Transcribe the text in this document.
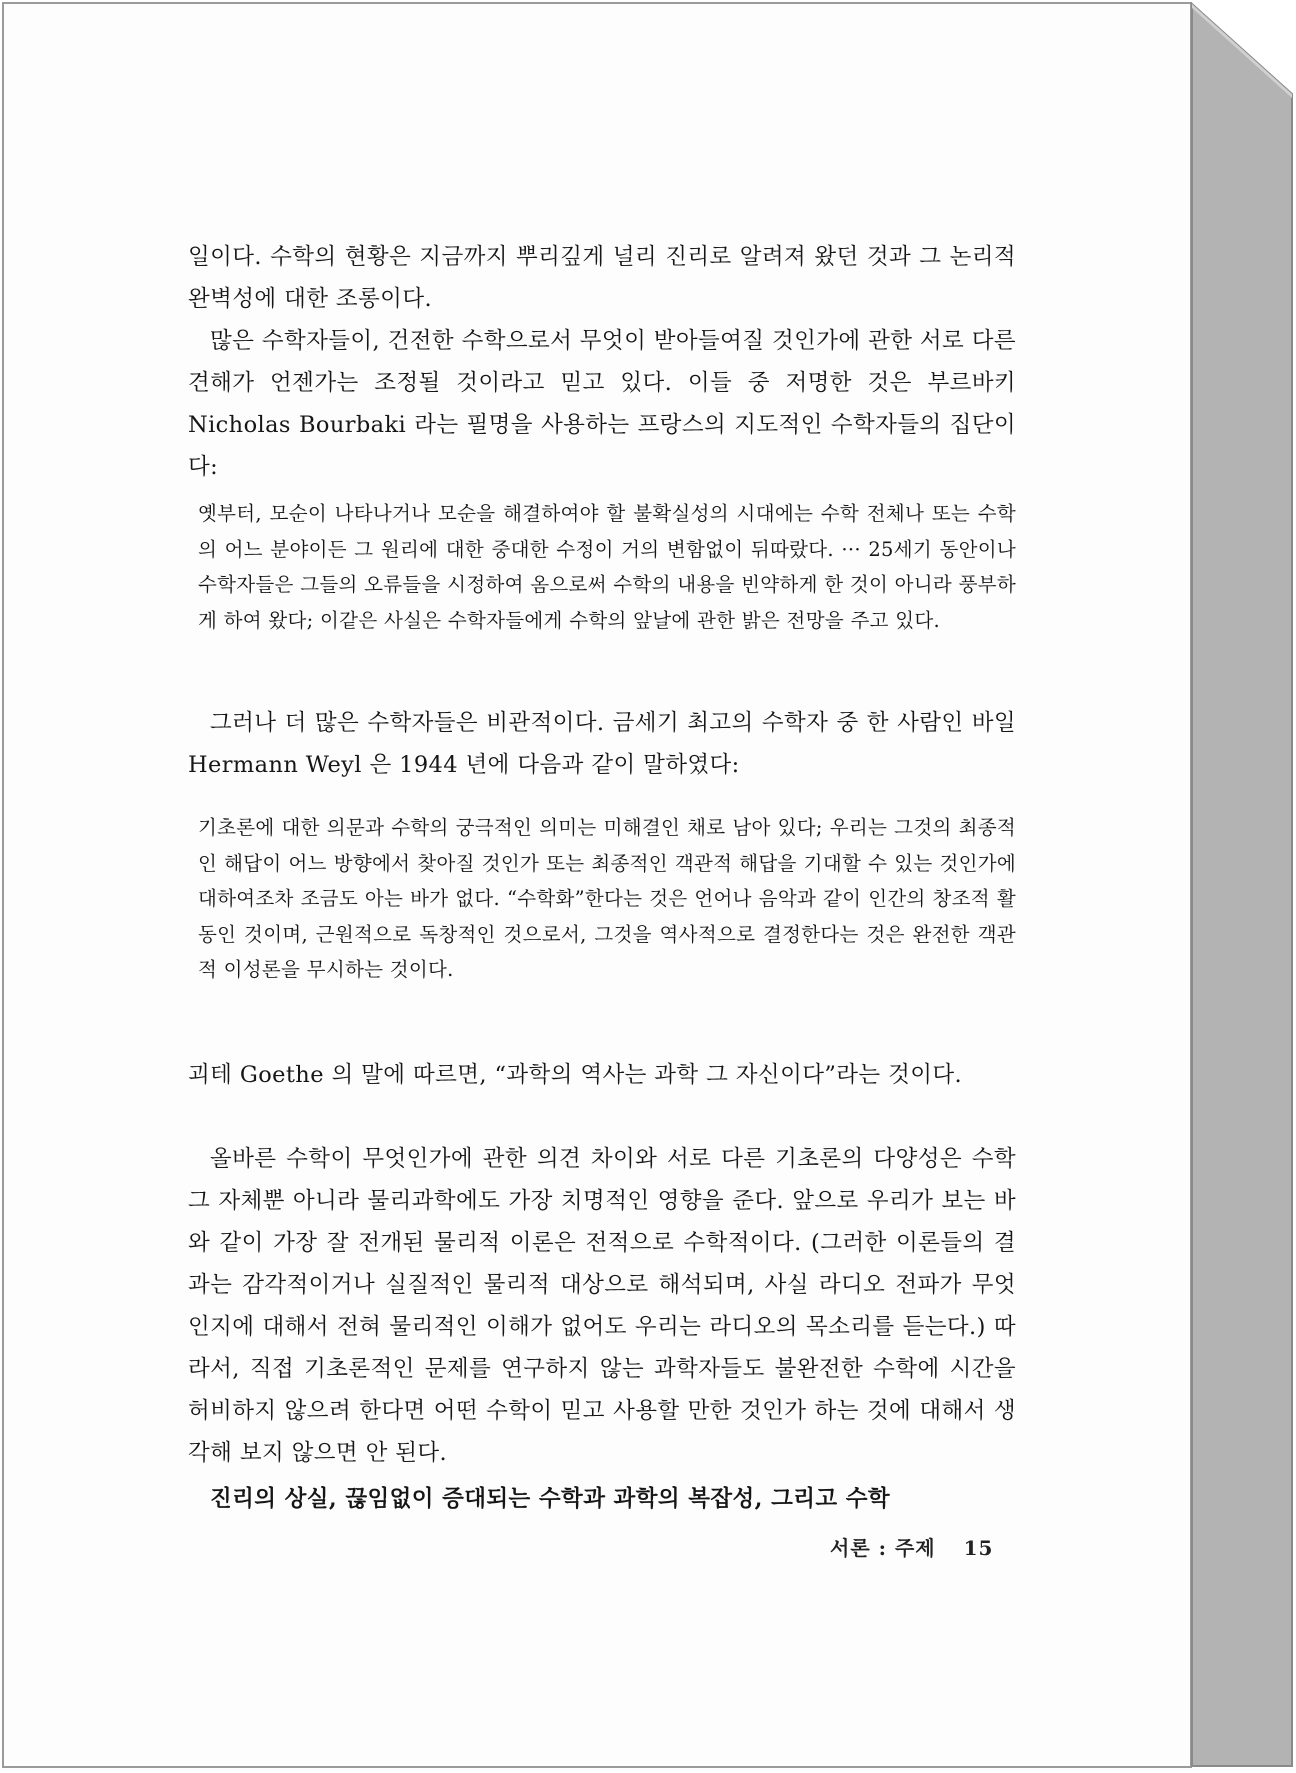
일이다. 수학의 현황은 지금까지 뿌리깊게 널리 진리로 알려져 왔던 것과 그 논리적 완벽성에 대한 조롱이다.

많은 수학자들이, 건전한 수학으로서 무엇이 받아들여질 것인가에 관한 서로 다른 견해가 언젠가는 조정될 것이라고 믿고 있다. 이들 중 저명한 것은 부르바키 Nicholas Bourbaki 라는 필명을 사용하는 프랑스의 지도적인 수학자들의 집단이다:

옛부터, 모순이 나타나거나 모순을 해결하여야 할 불확실성의 시대에는 수학 전체나 또는 수학의 어느 분야이든 그 원리에 대한 중대한 수정이 거의 변함없이 뒤따랐다. ··· 25세기 동안이나 수학자들은 그들의 오류들을 시정하여 옴으로써 수학의 내용을 빈약하게 한 것이 아니라 풍부하게 하여 왔다; 이같은 사실은 수학자들에게 수학의 앞날에 관한 밝은 전망을 주고 있다.

그러나 더 많은 수학자들은 비관적이다. 금세기 최고의 수학자 중 한 사람인 바일 Hermann Weyl 은 1944 년에 다음과 같이 말하였다:

기초론에 대한 의문과 수학의 궁극적인 의미는 미해결인 채로 남아 있다; 우리는 그것의 최종적인 해답이 어느 방향에서 찾아질 것인가 또는 최종적인 객관적 해답을 기대할 수 있는 것인가에 대하여조차 조금도 아는 바가 없다. “수학화”한다는 것은 언어나 음악과 같이 인간의 창조적 활동인 것이며, 근원적으로 독창적인 것으로서, 그것을 역사적으로 결정한다는 것은 완전한 객관적 이성론을 무시하는 것이다.

괴테 Goethe 의 말에 따르면, “과학의 역사는 과학 그 자신이다”라는 것이다.

올바른 수학이 무엇인가에 관한 의견 차이와 서로 다른 기초론의 다양성은 수학 그 자체뿐 아니라 물리과학에도 가장 치명적인 영향을 준다. 앞으로 우리가 보는 바와 같이 가장 잘 전개된 물리적 이론은 전적으로 수학적이다. (그러한 이론들의 결과는 감각적이거나 실질적인 물리적 대상으로 해석되며, 사실 라디오 전파가 무엇인지에 대해서 전혀 물리적인 이해가 없어도 우리는 라디오의 목소리를 듣는다.) 따라서, 직접 기초론적인 문제를 연구하지 않는 과학자들도 불완전한 수학에 시간을 허비하지 않으려 한다면 어떤 수학이 믿고 사용할 만한 것인가 하는 것에 대해서 생각해 보지 않으면 안 된다.

진리의 상실, 끊임없이 증대되는 수학과 과학의 복잡성, 그리고 수학

서론 : 주제 15
